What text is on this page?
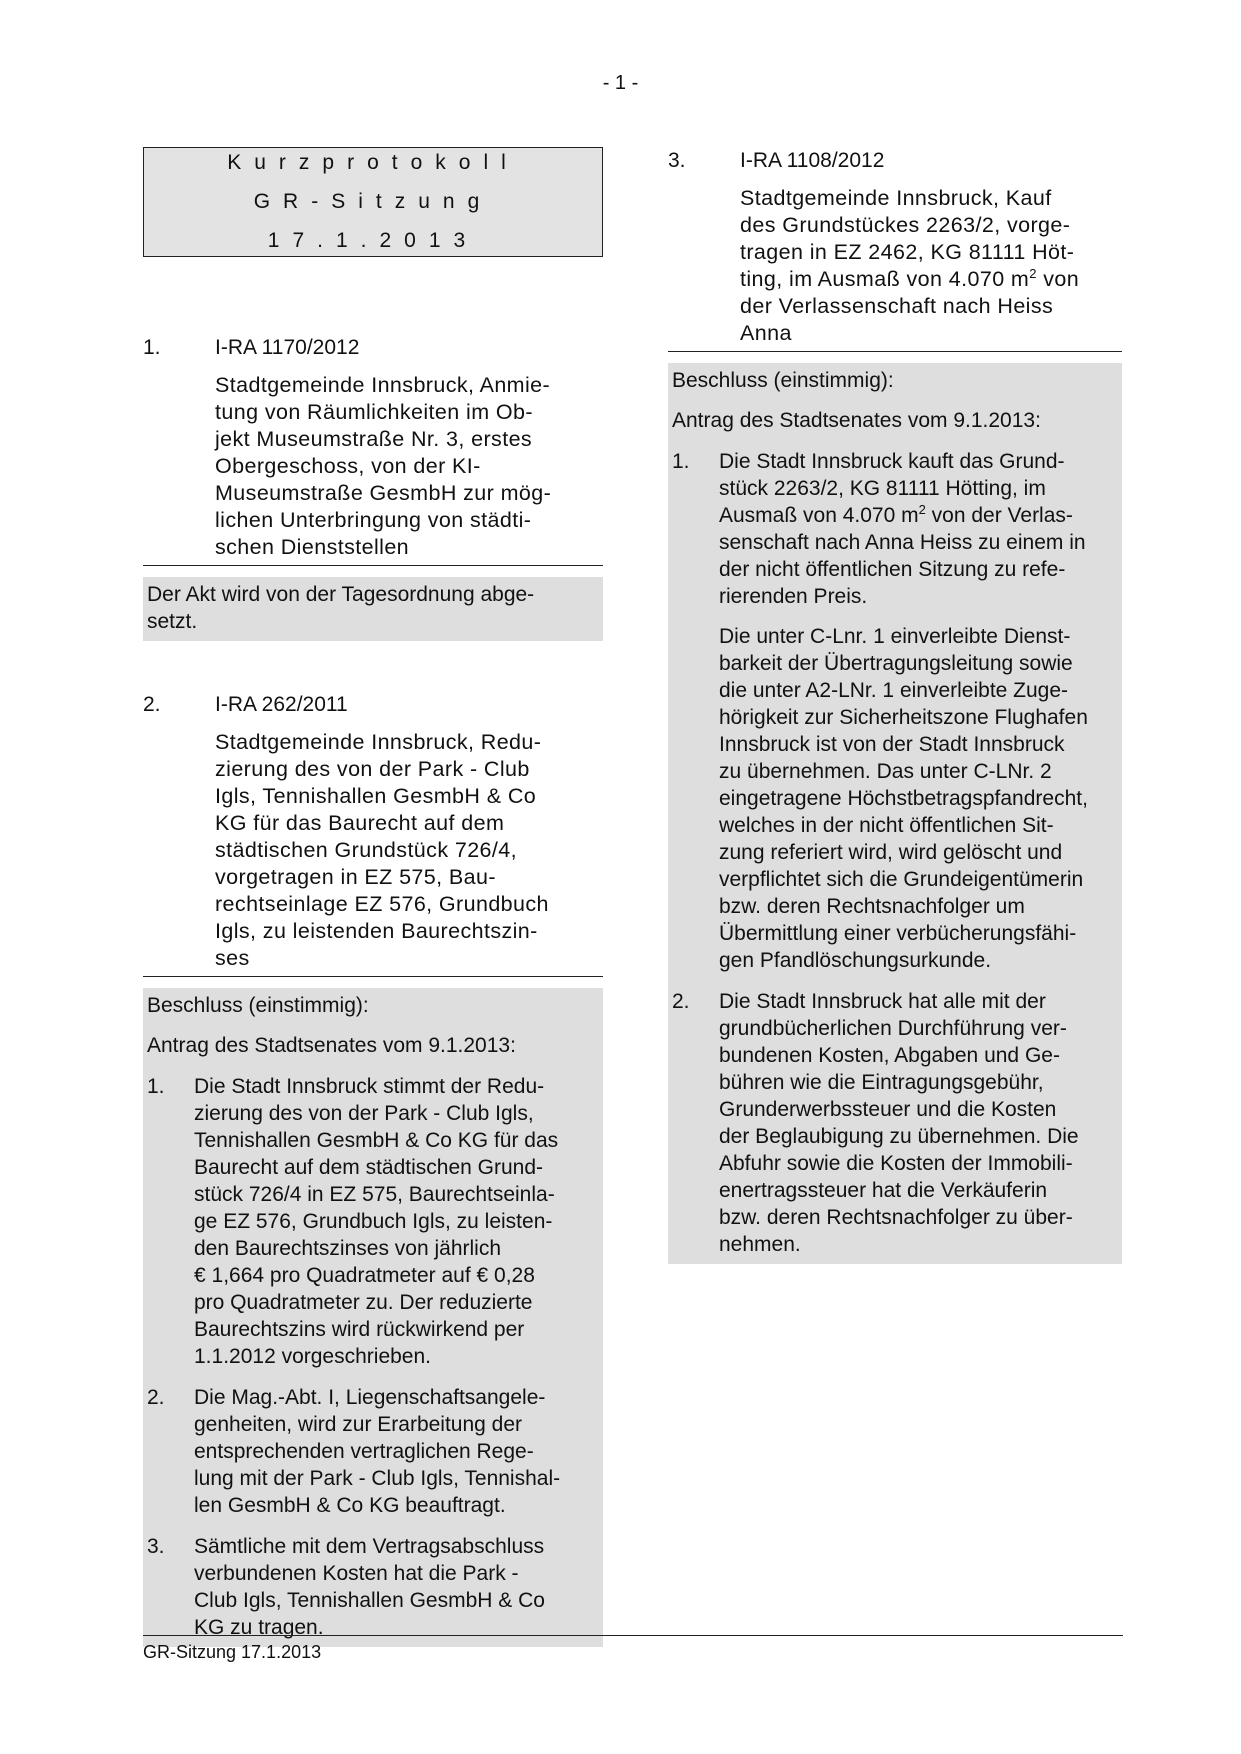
- 1 -
Kurzprotokoll
GR-Sitzung
17.1.2013
1.	I-RA 1170/2012
Stadtgemeinde Innsbruck, Anmie-
tung von Räumlichkeiten im Ob-
jekt Museumstraße Nr. 3, erstes
Obergeschoss, von der KI-
Museumstraße GesmbH zur mög-
lichen Unterbringung von städti-
schen Dienststellen
Der Akt wird von der Tagesordnung abge-
setzt.
2.	I-RA 262/2011
Stadtgemeinde Innsbruck, Redu-
zierung des von der Park - Club
Igls, Tennishallen GesmbH & Co
KG für das Baurecht auf dem
städtischen Grundstück 726/4,
vorgetragen in EZ 575, Bau-
rechtseinlage EZ 576, Grundbuch
Igls, zu leistenden Baurechtszin-
ses

Beschluss (einstimmig):

Antrag des Stadtsenates vom 9.1.2013:

1.	Die Stadt Innsbruck stimmt der Redu-
zierung des von der Park - Club Igls,
Tennishallen GesmbH & Co KG für das
Baurecht auf dem städtischen Grund-
stück 726/4 in EZ 575, Baurechtseinla-
ge EZ 576, Grundbuch Igls, zu leisten-
den Baurechtszinses von jährlich
€ 1,664 pro Quadratmeter auf € 0,28
pro Quadratmeter zu. Der reduzierte
Baurechtszins wird rückwirkend per
1.1.2012 vorgeschrieben.
2.	Die Mag.-Abt. I, Liegenschaftsangele-
genheiten, wird zur Erarbeitung der
entsprechenden vertraglichen Rege-
lung mit der Park - Club Igls, Tennishal-
len GesmbH & Co KG beauftragt.
3.	Sämtliche mit dem Vertragsabschluss
verbundenen Kosten hat die Park -
Club Igls, Tennishallen GesmbH & Co
KG zu tragen.
3.	I-RA 1108/2012
Stadtgemeinde Innsbruck, Kauf
des Grundstückes 2263/2, vorge-
tragen in EZ 2462, KG 81111 Höt-
ting, im Ausmaß von 4.070 $m^2$ von
der Verlassenschaft nach Heiss
Anna

Beschluss (einstimmig):

Antrag des Stadtsenates vom 9.1.2013:

1.	Die Stadt Innsbruck kauft das Grund-
stück 2263/2, KG 81111 Hötting, im
Ausmaß von 4.070 $m^2$ von der Verlas-
senschaft nach Anna Heiss zu einem in
der nicht öffentlichen Sitzung zu refe-
rierenden Preis.
Die unter C-Lnr. 1 einverleibte Dienst-
barkeit der Übertragungsleitung sowie
die unter A2-LNr. 1 einverleibte Zuge-
hörigkeit zur Sicherheitszone Flughafen
Innsbruck ist von der Stadt Innsbruck
zu übernehmen. Das unter C-LNr. 2
eingetragene Höchstbetragspfandrecht,
welches in der nicht öffentlichen Sit-
zung referiert wird, wird gelöscht und
verpflichtet sich die Grundeigentümerin
bzw. deren Rechtsnachfolger um
Übermittlung einer verbücherungsfähi-
gen Pfandlöschungsurkunde.
2.	Die Stadt Innsbruck hat alle mit der
grundbücherlichen Durchführung ver-
bundenen Kosten, Abgaben und Ge-
bühren wie die Eintragungsgebühr,
Grunderwerbssteuer und die Kosten
der Beglaubigung zu übernehmen. Die
Abfuhr sowie die Kosten der Immobili-
enertragssteuer hat die Verkäuferin
bzw. deren Rechtsnachfolger zu über-
nehmen.
GR-Sitzung 17.1.2013
